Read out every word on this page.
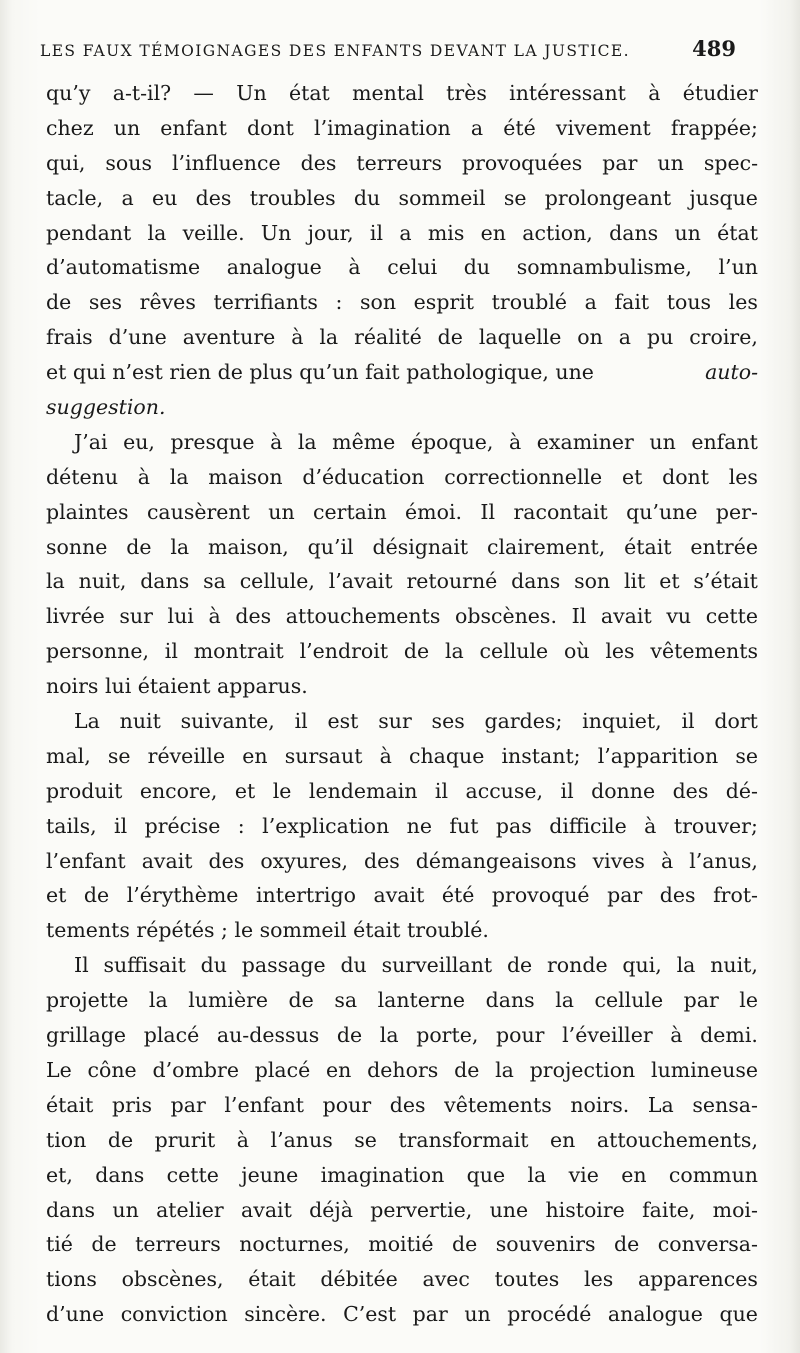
LES FAUX TÉMOIGNAGES DES ENFANTS DEVANT LA JUSTICE.	489
qu’y a-t-il? — Un état mental très intéressant à étudier
chez un enfant dont l’imagination a été vivement frappée;
qui, sous l’influence des terreurs provoquées par un spec-
tacle, a eu des troubles du sommeil se prolongeant jusque
pendant la veille. Un jour, il a mis en action, dans un état
d’automatisme analogue à celui du somnambulisme, l’un
de ses rêves terrifiants : son esprit troublé a fait tous les
frais d’une aventure à la réalité de laquelle on a pu croire,
et qui n’est rien de plus qu’un fait pathologique, une
	auto-
suggestion.
J’ai eu, presque à la même époque, à examiner un enfant
détenu à la maison d’éducation correctionnelle et dont les
plaintes causèrent un certain émoi. Il racontait qu’une per-
sonne de la maison, qu’il désignait clairement, était entrée
la nuit, dans sa cellule, l’avait retourné dans son lit et s’était
livrée sur lui à des attouchements obscènes. Il avait vu cette
personne, il montrait l’endroit de la cellule où les vêtements
noirs lui étaient apparus.
La nuit suivante, il est sur ses gardes; inquiet, il dort
mal, se réveille en sursaut à chaque instant; l’apparition se
produit encore, et le lendemain il accuse, il donne des dé-
tails, il précise : l’explication ne fut pas difficile à trouver;
l’enfant avait des oxyures, des démangeaisons vives à l’anus,
et de l’érythème intertrigo avait été provoqué par des frot-
tements répétés ; le sommeil était troublé.
Il suffisait du passage du surveillant de ronde qui, la nuit,
projette la lumière de sa lanterne dans la cellule par le
grillage placé au-dessus de la porte, pour l’éveiller à demi.
Le cône d’ombre placé en dehors de la projection lumineuse
était pris par l’enfant pour des vêtements noirs. La sensa-
tion de prurit à l’anus se transformait en attouchements,
et, dans cette jeune imagination que la vie en commun
dans un atelier avait déjà pervertie, une histoire faite, moi-
tié de terreurs nocturnes, moitié de souvenirs de conversa-
tions obscènes, était débitée avec toutes les apparences
d’une conviction sincère. C’est par un procédé analogue que
